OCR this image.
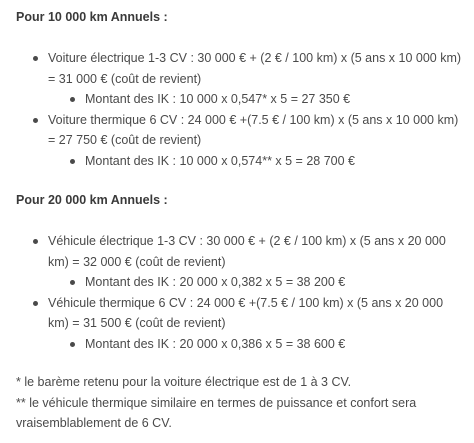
Pour 10 000 km Annuels :

Voiture électrique 1-3 CV : 30 000 € + (2 € / 100 km) x (5 ans x 10 000 km) = 31 000 € (coût de revient)
Montant des IK : 10 000 x 0,547* x 5 = 27 350 €
Voiture thermique 6 CV : 24 000 € +(7.5 € / 100 km) x (5 ans x 10 000 km) = 27 750 € (coût de revient)
Montant des IK : 10 000 x 0,574** x 5 = 28 700 €

Pour 20 000 km Annuels :

Véhicule électrique 1-3 CV : 30 000 € + (2 € / 100 km) x (5 ans x 20 000 km) = 32 000 € (coût de revient)
Montant des IK : 20 000 x 0,382 x 5 = 38 200 €
Véhicule thermique 6 CV : 24 000 € +(7.5 € / 100 km) x (5 ans x 20 000 km) = 31 500 € (coût de revient)
Montant des IK : 20 000 x 0,386 x 5 = 38 600 €

* le barème retenu pour la voiture électrique est de 1 à 3 CV.

** le véhicule thermique similaire en termes de puissance et confort sera vraisemblablement de 6 CV.
